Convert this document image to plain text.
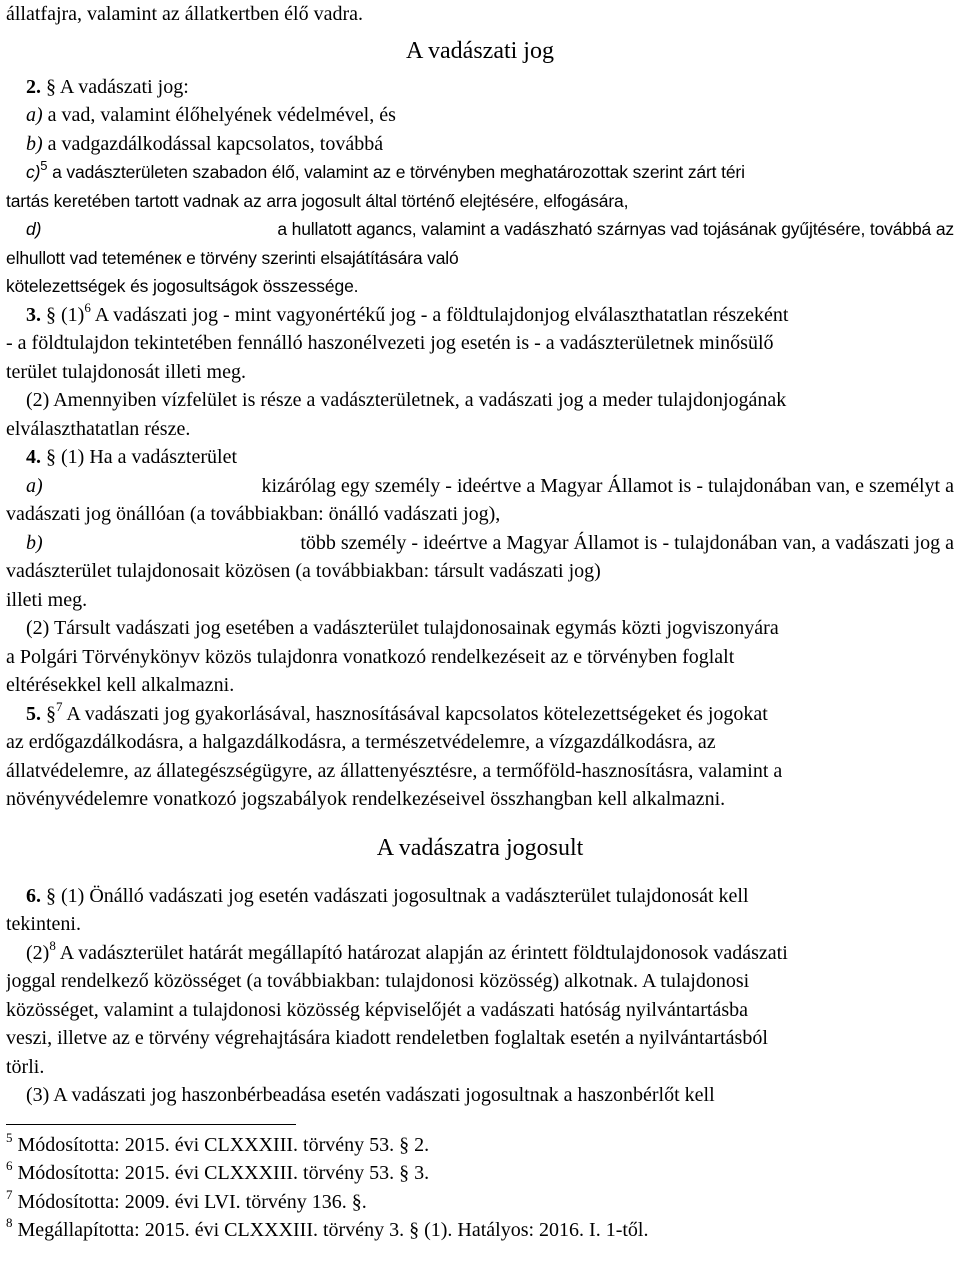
állatfajra, valamint az állatkertben élő vadra.
A vadászati jog
2. § A vadászati jog:
a) a vad, valamint élőhelyének védelmével, és
b) a vadgazdálkodással kapcsolatos, továbbá
c)$^5$ a vadászterületen szabadon élő, valamint az e törvényben meghatározottak szerint zárt téri
tartás keretében tartott vadnak az arra jogosult által történő elejtésére, elfogására,
d)	a hullatott agancs, valamint a vadászható szárnyas vad tojásának gyűjtésére, továbbá az
elhullott vad teteméneк e törvény szerinti elsajátítására való
kötelezettségek és jogosultságok összessége.
3. § $(1)^6$ A vadászati jog - mint vagyonértékű jog - a földtulajdonjog elválaszthatatlan részeként
- a földtulajdon tekintetében fennálló haszonélvezeti jog esetén is - a vadászterületnek minősülő
terület tulajdonosát illeti meg.
(2) Amennyiben vízfelület is része a vadászterületnek, a vadászati jog a meder tulajdonjogának
elválaszthatatlan része.
4. § (1) Ha a vadászterület
a)	kizárólag egy személy - ideértve a Magyar Államot is - tulajdonában van, e személyt a
vadászati jog önállóan (a továbbiakban: önálló vadászati jog),
b)	több személy - ideértve a Magyar Államot is - tulajdonában van, a vadászati jog a
vadászterület tulajdonosait közösen (a továbbiakban: társult vadászati jog)
illeti meg.
(2) Társult vadászati jog esetében a vadászterület tulajdonosainak egymás közti jogviszonyára
a Polgári Törvénykönyv közös tulajdonra vonatkozó rendelkezéseit az e törvényben foglalt
eltérésekkel kell alkalmazni.
5. §$^7$ A vadászati jog gyakorlásával, hasznosításával kapcsolatos kötelezettségeket és jogokat
az erdőgazdálkodásra, a halgazdálkodásra, a természetvédelemre, a vízgazdálkodásra, az
állatvédelemre, az állategészségügyre, az állattenyésztésre, a termőföld-hasznosításra, valamint a
növényvédelemre vonatkozó jogszabályok rendelkezéseivel összhangban kell alkalmazni.
A vadászatra jogosult
6. § (1) Önálló vadászati jog esetén vadászati jogosultnak a vadászterület tulajdonosát kell
tekinteni.
$(2)^8$ A vadászterület határát megállapító határozat alapján az érintett földtulajdonosok vadászati
joggal rendelkező közösséget (a továbbiakban: tulajdonosi közösség) alkotnak. A tulajdonosi
közösséget, valamint a tulajdonosi közösség képviselőjét a vadászati hatóság nyilvántartásba
veszi, illetve az e törvény végrehajtására kiadott rendeletben foglaltak esetén a nyilvántartásból
törli.
(3) A vadászati jog haszonbérbeadása esetén vadászati jogosultnak a haszonbérlőt kell
$^5$ Módosította: 2015. évi CLXXXIII. törvény 53. § 2.
$^6$ Módosította: 2015. évi CLXXXIII. törvény 53. § 3.
$^7$ Módosította: 2009. évi LVI. törvény 136. §.
$^8$ Megállapította: 2015. évi CLXXXIII. törvény 3. § (1). Hatályos: 2016. I. 1-től.
